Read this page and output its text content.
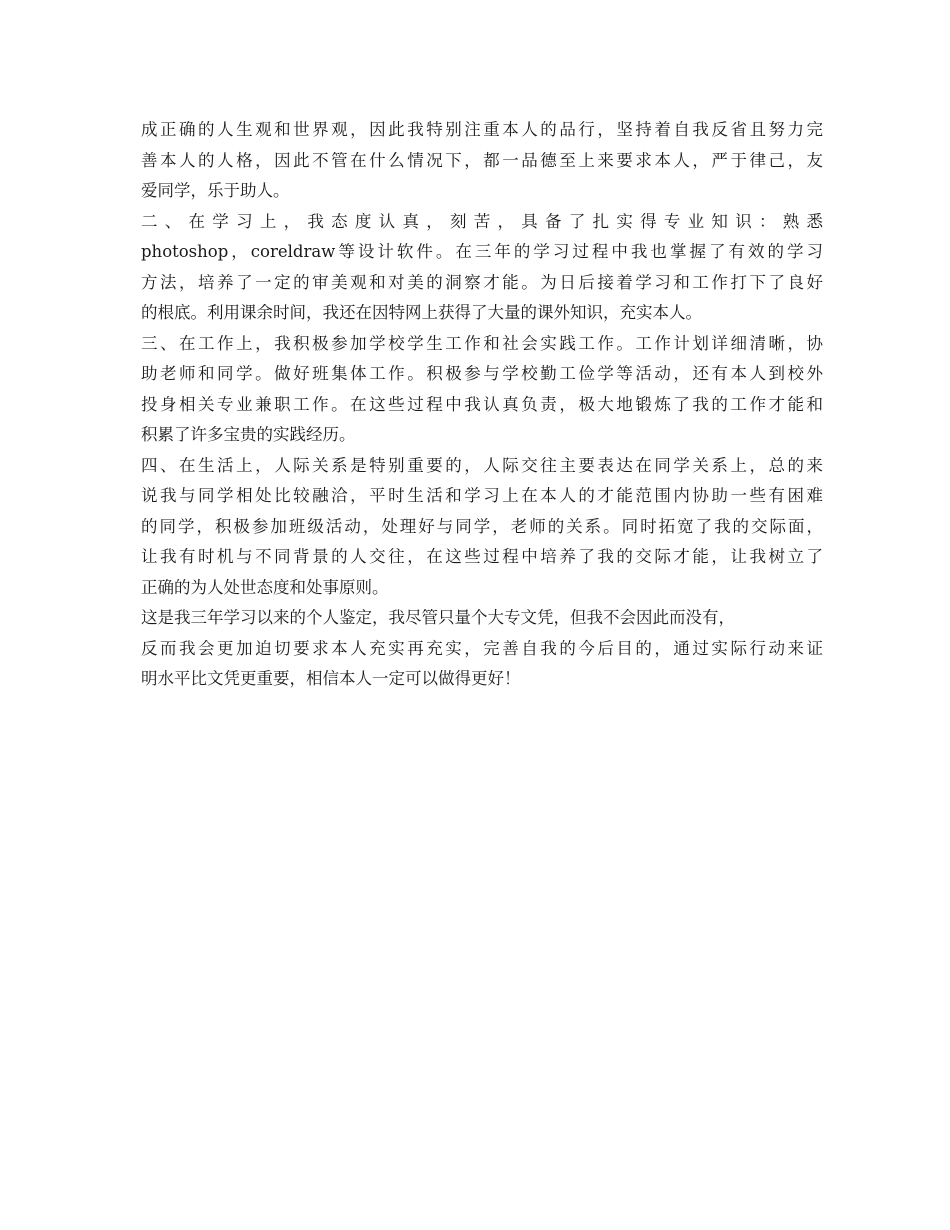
成正确的人生观和世界观，因此我特别注重本人的品行，坚持着自我反省且努力完
善本人的人格，因此不管在什么情况下，都一品德至上来要求本人，严于律己，友
爱同学，乐于助人。
二、在学习上，我态度认真，刻苦，具备了扎实得专业知识：熟悉
photoshop，coreldraw等设计软件。在三年的学习过程中我也掌握了有效的学习
方法，培养了一定的审美观和对美的洞察才能。为日后接着学习和工作打下了良好
的根底。利用课余时间，我还在因特网上获得了大量的课外知识，充实本人。
三、在工作上，我积极参加学校学生工作和社会实践工作。工作计划详细清晰，协
助老师和同学。做好班集体工作。积极参与学校勤工俭学等活动，还有本人到校外
投身相关专业兼职工作。在这些过程中我认真负责，极大地锻炼了我的工作才能和
积累了许多宝贵的实践经历。
四、在生活上，人际关系是特别重要的，人际交往主要表达在同学关系上，总的来
说我与同学相处比较融洽，平时生活和学习上在本人的才能范围内协助一些有困难
的同学，积极参加班级活动，处理好与同学，老师的关系。同时拓宽了我的交际面，
让我有时机与不同背景的人交往，在这些过程中培养了我的交际才能，让我树立了
正确的为人处世态度和处事原则。
这是我三年学习以来的个人鉴定，我尽管只量个大专文凭，但我不会因此而没有，
反而我会更加迫切要求本人充实再充实，完善自我的今后目的，通过实际行动来证
明水平比文凭更重要，相信本人一定可以做得更好！
